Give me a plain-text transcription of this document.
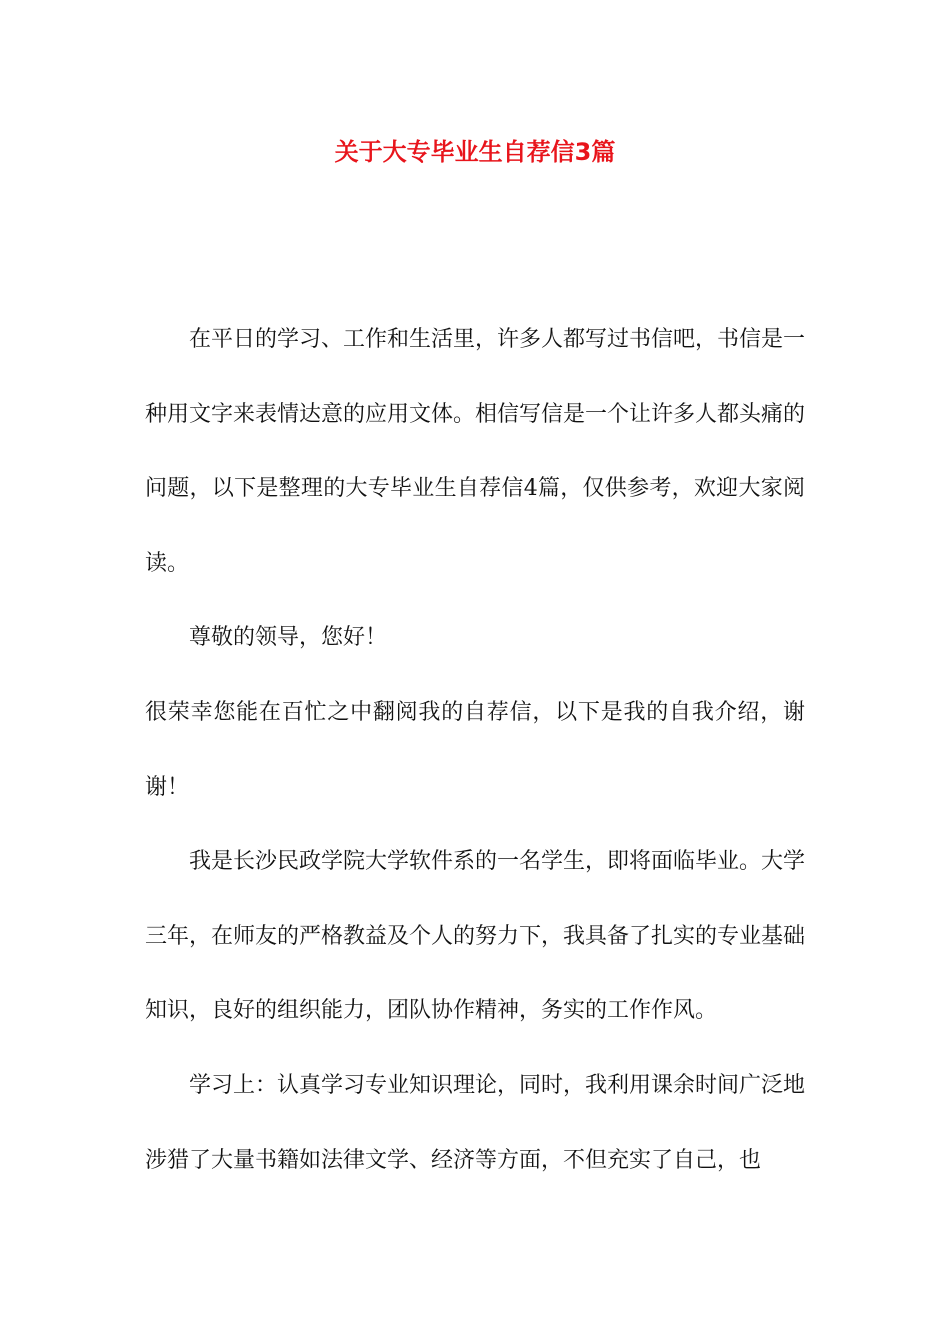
关于大专毕业生自荐信3篇

在平日的学习、工作和生活里，许多人都写过书信吧，书信是一种用文字来表情达意的应用文体。相信写信是一个让许多人都头痛的问题，以下是整理的大专毕业生自荐信4篇，仅供参考，欢迎大家阅读。

尊敬的领导，您好！

很荣幸您能在百忙之中翻阅我的自荐信，以下是我的自我介绍，谢谢！

我是长沙民政学院大学软件系的一名学生，即将面临毕业。大学三年，在师友的严格教益及个人的努力下，我具备了扎实的专业基础知识，良好的组织能力，团队协作精神，务实的工作作风。

学习上：认真学习专业知识理论，同时，我利用课余时间广泛地涉猎了大量书籍如法律文学、经济等方面，不但充实了自己，也
